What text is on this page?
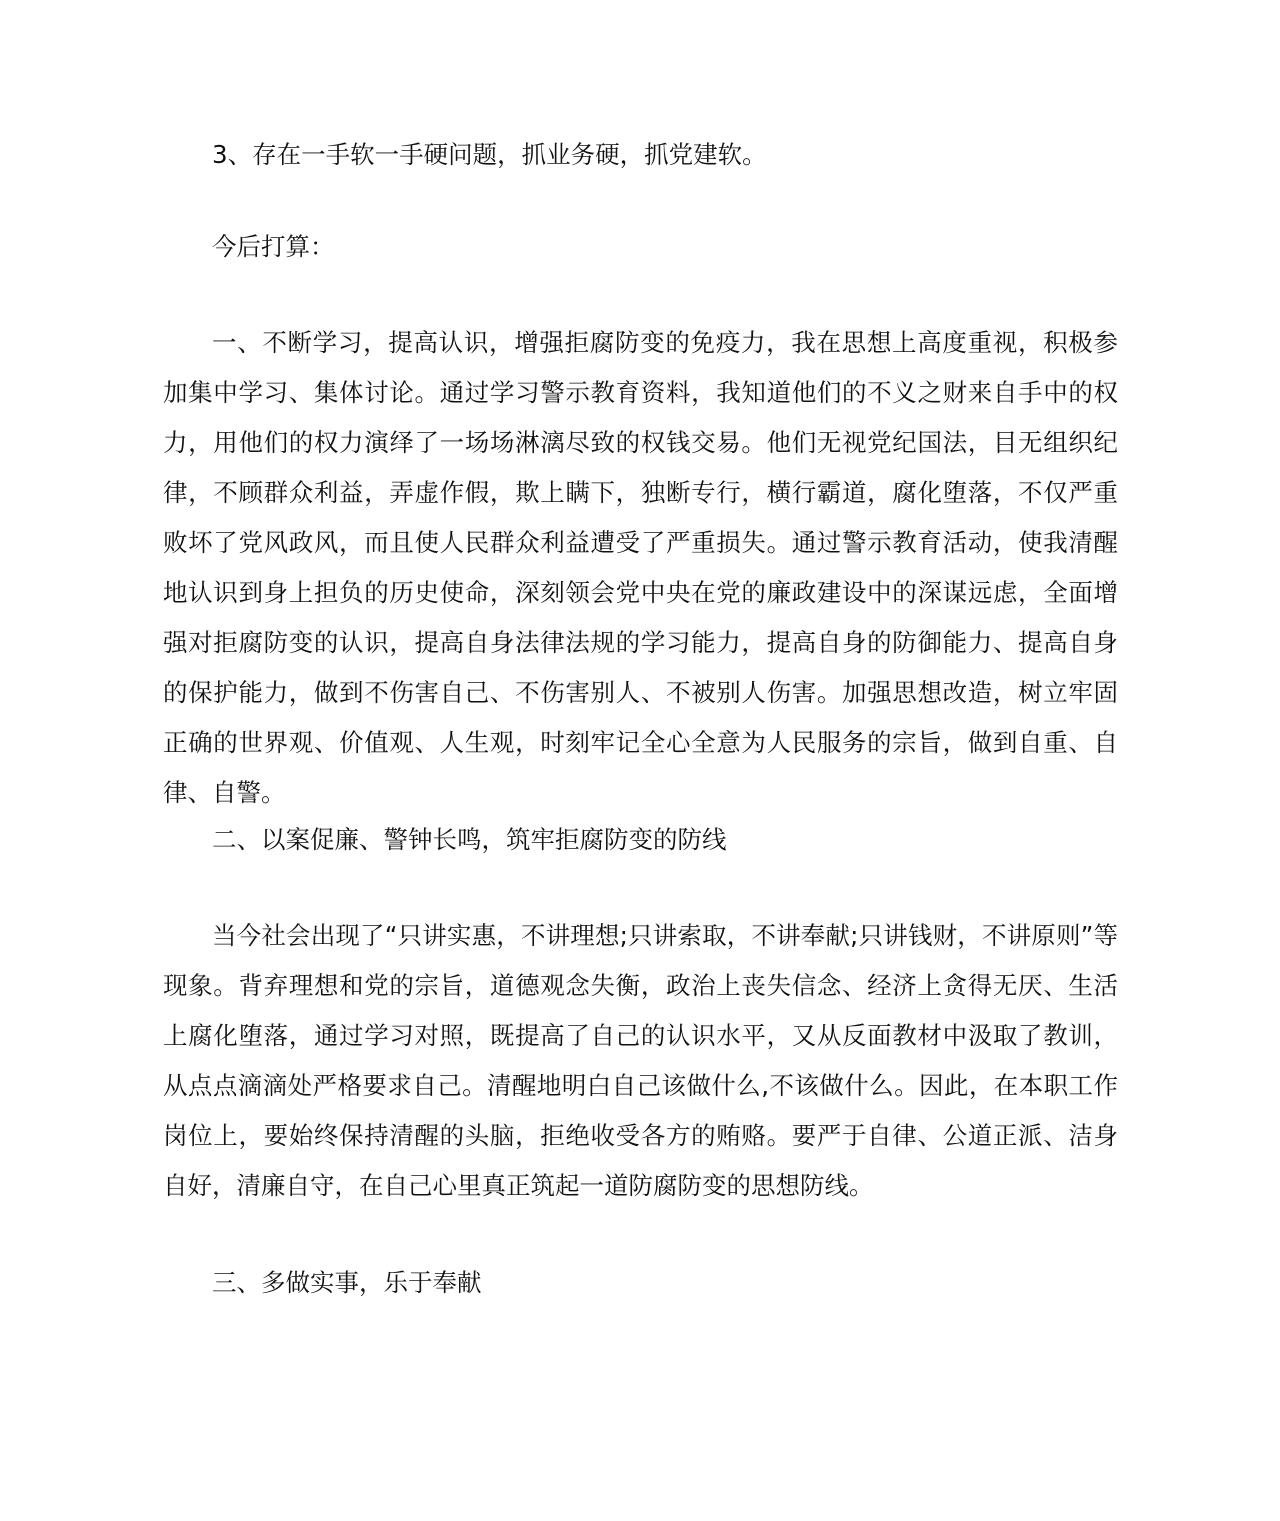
3、存在一手软一手硬问题，抓业务硬，抓党建软。

今后打算：

一、不断学习，提高认识，增强拒腐防变的免疫力，我在思想上高度重视，积极参加集中学习、集体讨论。通过学习警示教育资料，我知道他们的不义之财来自手中的权力，用他们的权力演绎了一场场淋漓尽致的权钱交易。他们无视党纪国法，目无组织纪律，不顾群众利益，弄虚作假，欺上瞒下，独断专行，横行霸道，腐化堕落，不仅严重败坏了党风政风，而且使人民群众利益遭受了严重损失。通过警示教育活动，使我清醒地认识到身上担负的历史使命，深刻领会党中央在党的廉政建设中的深谋远虑，全面增强对拒腐防变的认识，提高自身法律法规的学习能力，提高自身的防御能力、提高自身的保护能力，做到不伤害自己、不伤害别人、不被别人伤害。加强思想改造，树立牢固正确的世界观、价值观、人生观，时刻牢记全心全意为人民服务的宗旨，做到自重、自律、自警。

二、以案促廉、警钟长鸣，筑牢拒腐防变的防线

当今社会出现了“只讲实惠，不讲理想;只讲索取，不讲奉献;只讲钱财，不讲原则”等现象。背弃理想和党的宗旨，道德观念失衡，政治上丧失信念、经济上贪得无厌、生活上腐化堕落，通过学习对照，既提高了自己的认识水平，又从反面教材中汲取了教训，从点点滴滴处严格要求自己。清醒地明白自己该做什么,不该做什么。因此，在本职工作岗位上，要始终保持清醒的头脑，拒绝收受各方的贿赂。要严于自律、公道正派、洁身自好，清廉自守，在自己心里真正筑起一道防腐防变的思想防线。

三、多做实事，乐于奉献
